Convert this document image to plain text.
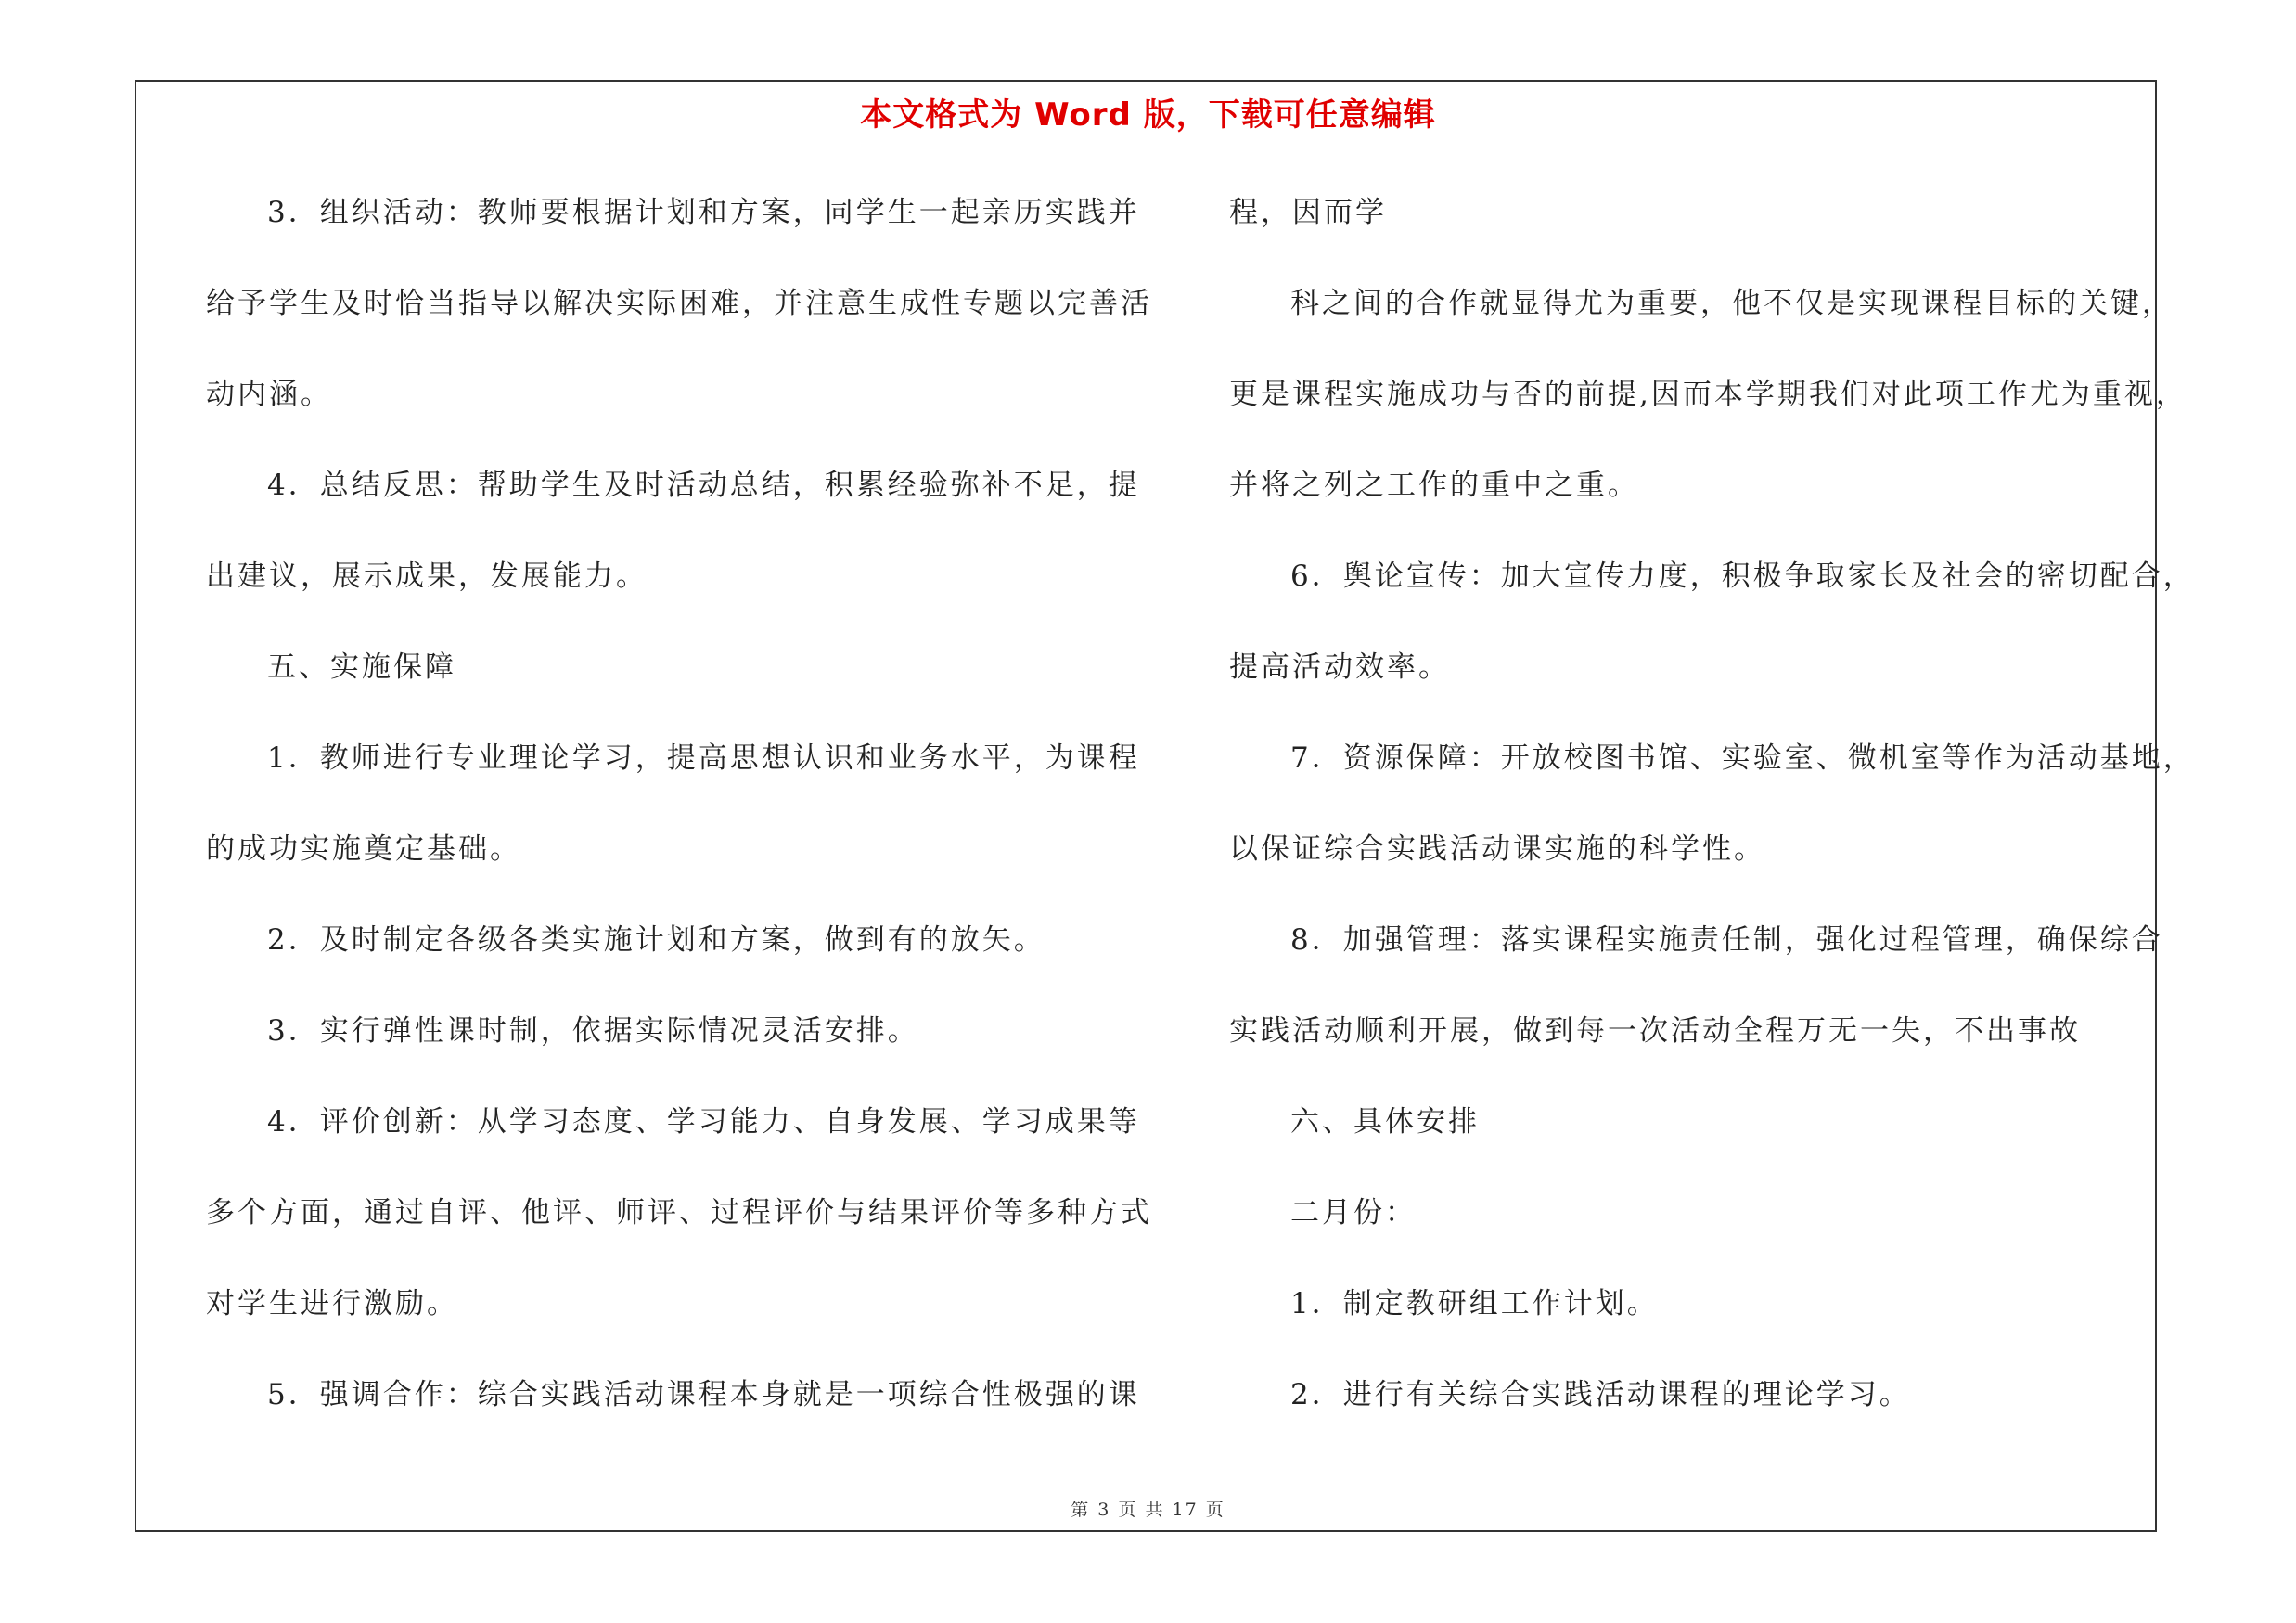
本文格式为 Word 版，下载可任意编辑
3．组织活动：教师要根据计划和方案，同学生一起亲历实践并
给予学生及时恰当指导以解决实际困难，并注意生成性专题以完善活
动内涵。
4．总结反思：帮助学生及时活动总结，积累经验弥补不足，提
出建议，展示成果，发展能力。
五、实施保障
1．教师进行专业理论学习，提高思想认识和业务水平，为课程
的成功实施奠定基础。
2．及时制定各级各类实施计划和方案，做到有的放矢。
3．实行弹性课时制，依据实际情况灵活安排。
4．评价创新：从学习态度、学习能力、自身发展、学习成果等
多个方面，通过自评、他评、师评、过程评价与结果评价等多种方式
对学生进行激励。
5．强调合作：综合实践活动课程本身就是一项综合性极强的课
程，因而学
科之间的合作就显得尤为重要，他不仅是实现课程目标的关键，
更是课程实施成功与否的前提,因而本学期我们对此项工作尤为重视，
并将之列之工作的重中之重。
6．舆论宣传：加大宣传力度，积极争取家长及社会的密切配合，
提高活动效率。
7．资源保障：开放校图书馆、实验室、微机室等作为活动基地，
以保证综合实践活动课实施的科学性。
8．加强管理：落实课程实施责任制，强化过程管理，确保综合
实践活动顺利开展，做到每一次活动全程万无一失，不出事故
六、具体安排
二月份：
1．制定教研组工作计划。
2．进行有关综合实践活动课程的理论学习。
第 3 页 共 17 页
